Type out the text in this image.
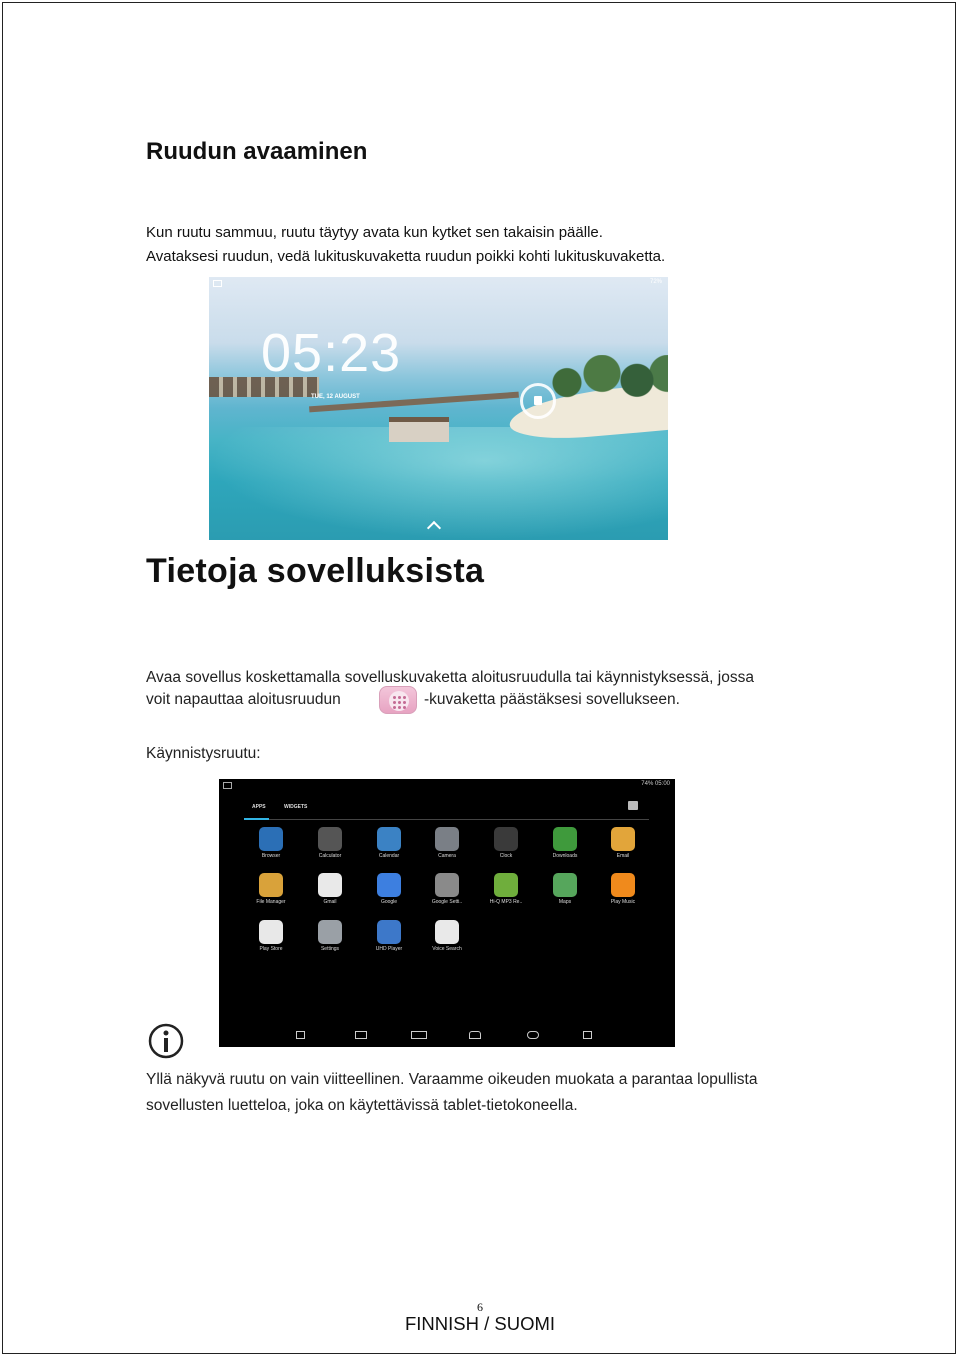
Ruudun avaaminen
Kun ruutu sammuu, ruutu täytyy avata kun kytket sen takaisin päälle.
Avataksesi ruudun, vedä lukituskuvaketta ruudun poikki kohti lukituskuvaketta.
72%
05:23
TUE, 12 AUGUST
Tietoja sovelluksista
Avaa sovellus koskettamalla sovelluskuvaketta aloitusruudulla tai käynnistyksessä, jossa
voit napauttaa aloitusruudun	-kuvaketta päästäksesi sovellukseen.
Käynnistysruutu:
74% 05:00
APPS	WIDGETS
Browser	Calculator	Calendar	Camera	Clock	Downloads	Email
File Manager	Gmail	Google	Google Setti..	Hi-Q MP3 Re..	Maps	Play Music
Play Store	Settings	UHD Player	Voice Search
Yllä näkyvä ruutu on vain viitteellinen. Varaamme oikeuden muokata a parantaa lopullista
sovellusten luetteloa, joka on käytettävissä tablet-tietokoneella.
6
FINNISH / SUOMI
